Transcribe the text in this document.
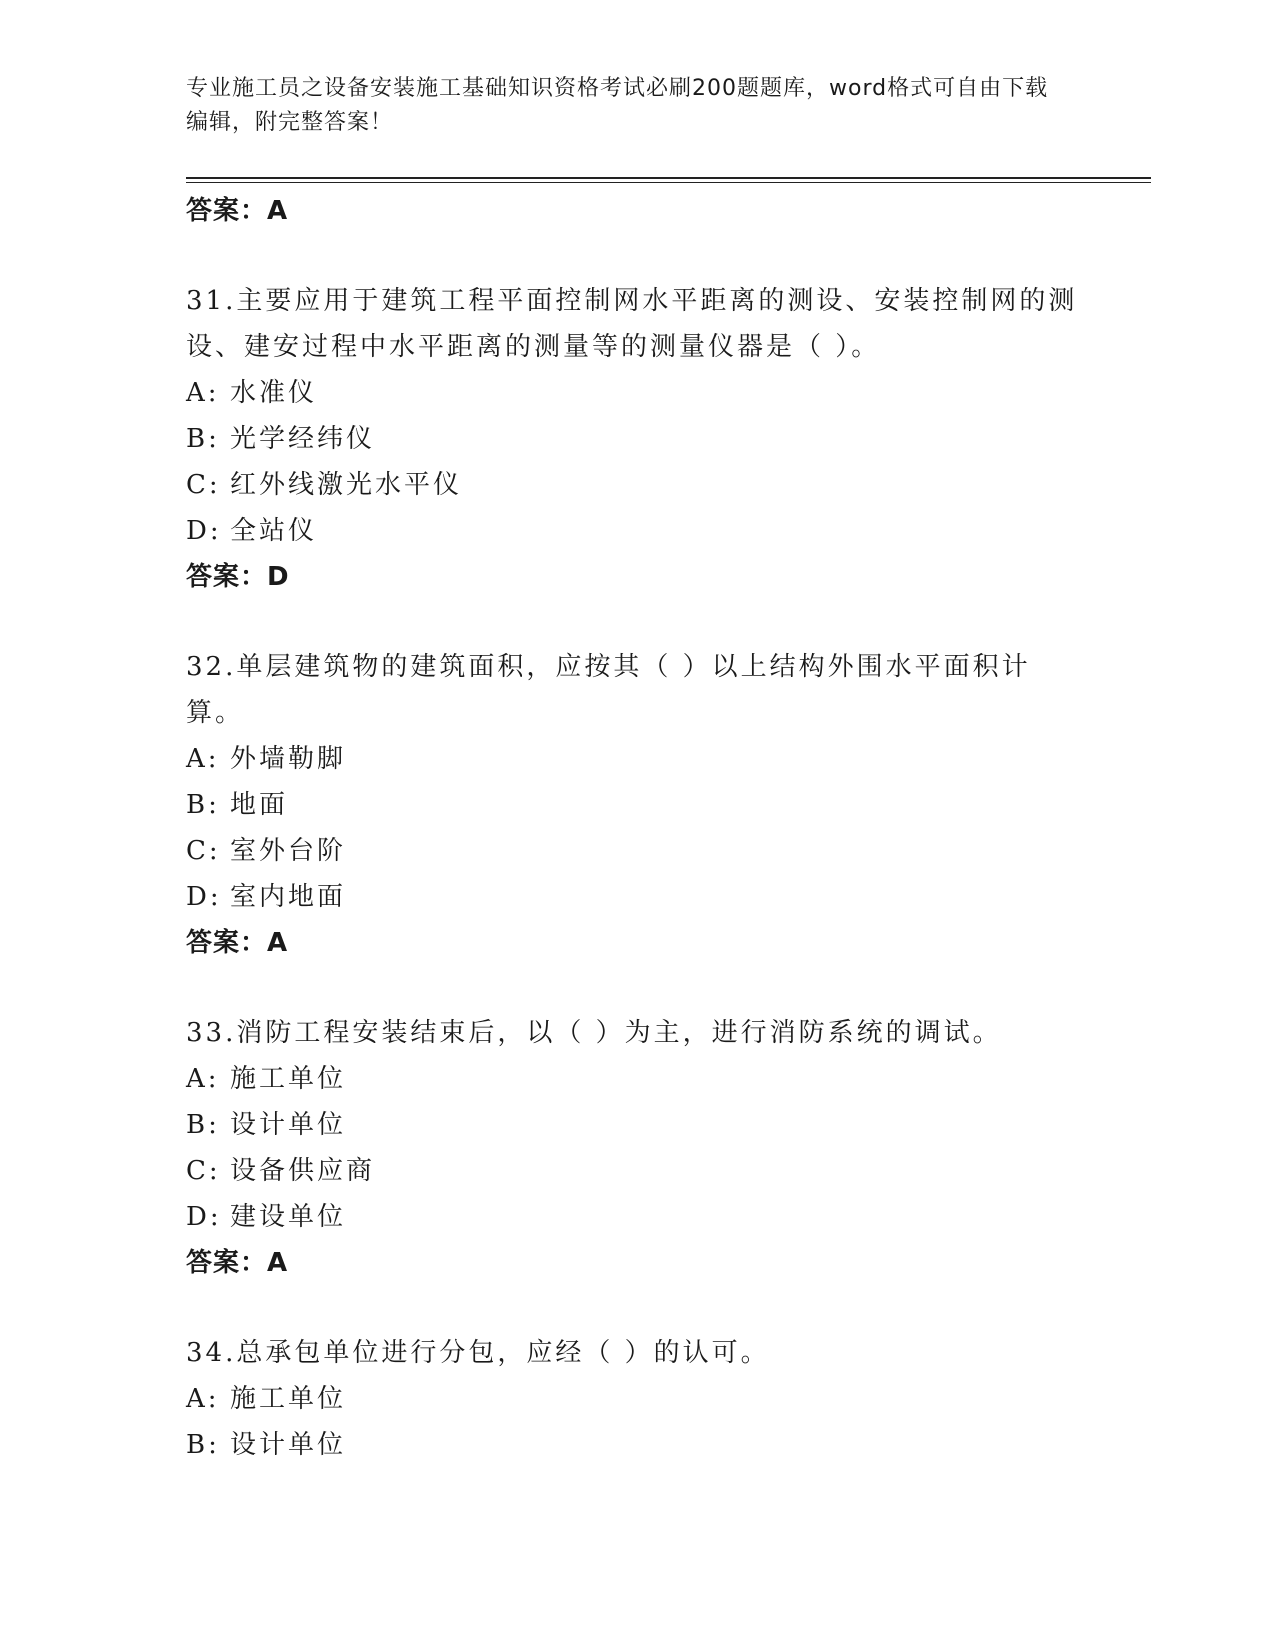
专业施工员之设备安装施工基础知识资格考试必刷200题题库，word格式可自由下载编辑，附完整答案！
答案：A
31.主要应用于建筑工程平面控制网水平距离的测设、安装控制网的测设、建安过程中水平距离的测量等的测量仪器是（ ）。
A: 水准仪
B: 光学经纬仪
C: 红外线激光水平仪
D: 全站仪
答案：D
32.单层建筑物的建筑面积，应按其（ ）以上结构外围水平面积计算。
A: 外墙勒脚
B: 地面
C: 室外台阶
D: 室内地面
答案：A
33.消防工程安装结束后，以（ ）为主，进行消防系统的调试。
A: 施工单位
B: 设计单位
C: 设备供应商
D: 建设单位
答案：A
34.总承包单位进行分包，应经（ ）的认可。
A: 施工单位
B: 设计单位
